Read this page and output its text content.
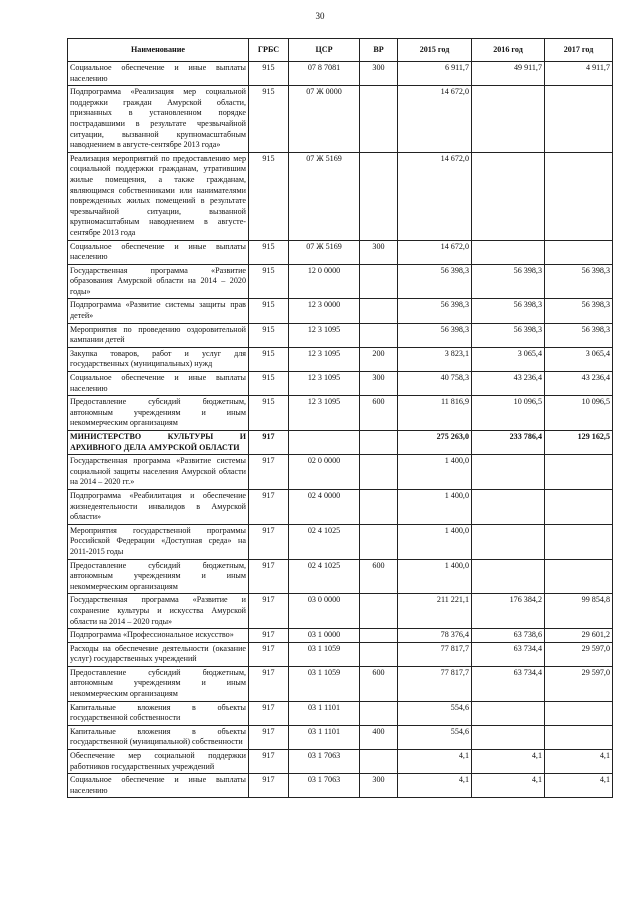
30
Наименование	ГРБС	ЦСР	ВР	2015 год	2016 год	2017 год
Социальное обеспечение и иные выплаты населению	915	07 8 7081	300	6 911,7	49 911,7	4 911,7
Подпрограмма «Реализация мер социальной поддержки граждан Амурской области, признанных в установленном порядке пострадавшими в результате чрезвычайной ситуации, вызванной крупномасштабным наводнением в августе-сентябре 2013 года»	915	07 Ж 0000		14 672,0		
Реализация мероприятий по предоставлению мер социальной поддержки гражданам, утратившим жилые помещения, а также гражданам, являющимся собственниками или нанимателями поврежденных жилых помещений в результате чрезвычайной ситуации, вызванной крупномасштабным наводнением в августе-сентябре 2013 года	915	07 Ж 5169		14 672,0		
Социальное обеспечение и иные выплаты населению	915	07 Ж 5169	300	14 672,0		
Государственная программа «Развитие образования Амурской области на 2014 – 2020 годы»	915	12 0 0000		56 398,3	56 398,3	56 398,3
Подпрограмма «Развитие системы защиты прав детей»	915	12 3 0000		56 398,3	56 398,3	56 398,3
Мероприятия по проведению оздоровительной кампании детей	915	12 3 1095		56 398,3	56 398,3	56 398,3
Закупка товаров, работ и услуг для государственных (муниципальных) нужд	915	12 3 1095	200	3 823,1	3 065,4	3 065,4
Социальное обеспечение и иные выплаты населению	915	12 3 1095	300	40 758,3	43 236,4	43 236,4
Предоставление субсидий бюджетным, автономным учреждениям и иным некоммерческим организациям	915	12 3 1095	600	11 816,9	10 096,5	10 096,5
МИНИСТЕРСТВО КУЛЬТУРЫ И АРХИВНОГО ДЕЛА АМУРСКОЙ ОБЛАСТИ	917			275 263,0	233 786,4	129 162,5
Государственная программа «Развитие системы социальной защиты населения Амурской области на 2014 – 2020 гг.»	917	02 0 0000		1 400,0		
Подпрограмма «Реабилитация и обеспечение жизнедеятельности инвалидов в Амурской области»	917	02 4 0000		1 400,0		
Мероприятия государственной программы Российской Федерации «Доступная среда» на 2011-2015 годы	917	02 4 1025		1 400,0		
Предоставление субсидий бюджетным, автономным учреждениям и иным некоммерческим организациям	917	02 4 1025	600	1 400,0		
Государственная программа «Развитие и сохранение культуры и искусства Амурской области на 2014 – 2020 годы»	917	03 0 0000		211 221,1	176 384,2	99 854,8
Подпрограмма «Профессиональное искусство»	917	03 1 0000		78 376,4	63 738,6	29 601,2
Расходы на обеспечение деятельности (оказание услуг) государственных учреждений	917	03 1 1059		77 817,7	63 734,4	29 597,0
Предоставление субсидий бюджетным, автономным учреждениям и иным некоммерческим организациям	917	03 1 1059	600	77 817,7	63 734,4	29 597,0
Капитальные вложения в объекты государственной собственности	917	03 1 1101		554,6		
Капитальные вложения в объекты государственной (муниципальной) собственности	917	03 1 1101	400	554,6		
Обеспечение мер социальной поддержки работников государственных учреждений	917	03 1 7063		4,1	4,1	4,1
Социальное обеспечение и иные выплаты населению	917	03 1 7063	300	4,1	4,1	4,1
